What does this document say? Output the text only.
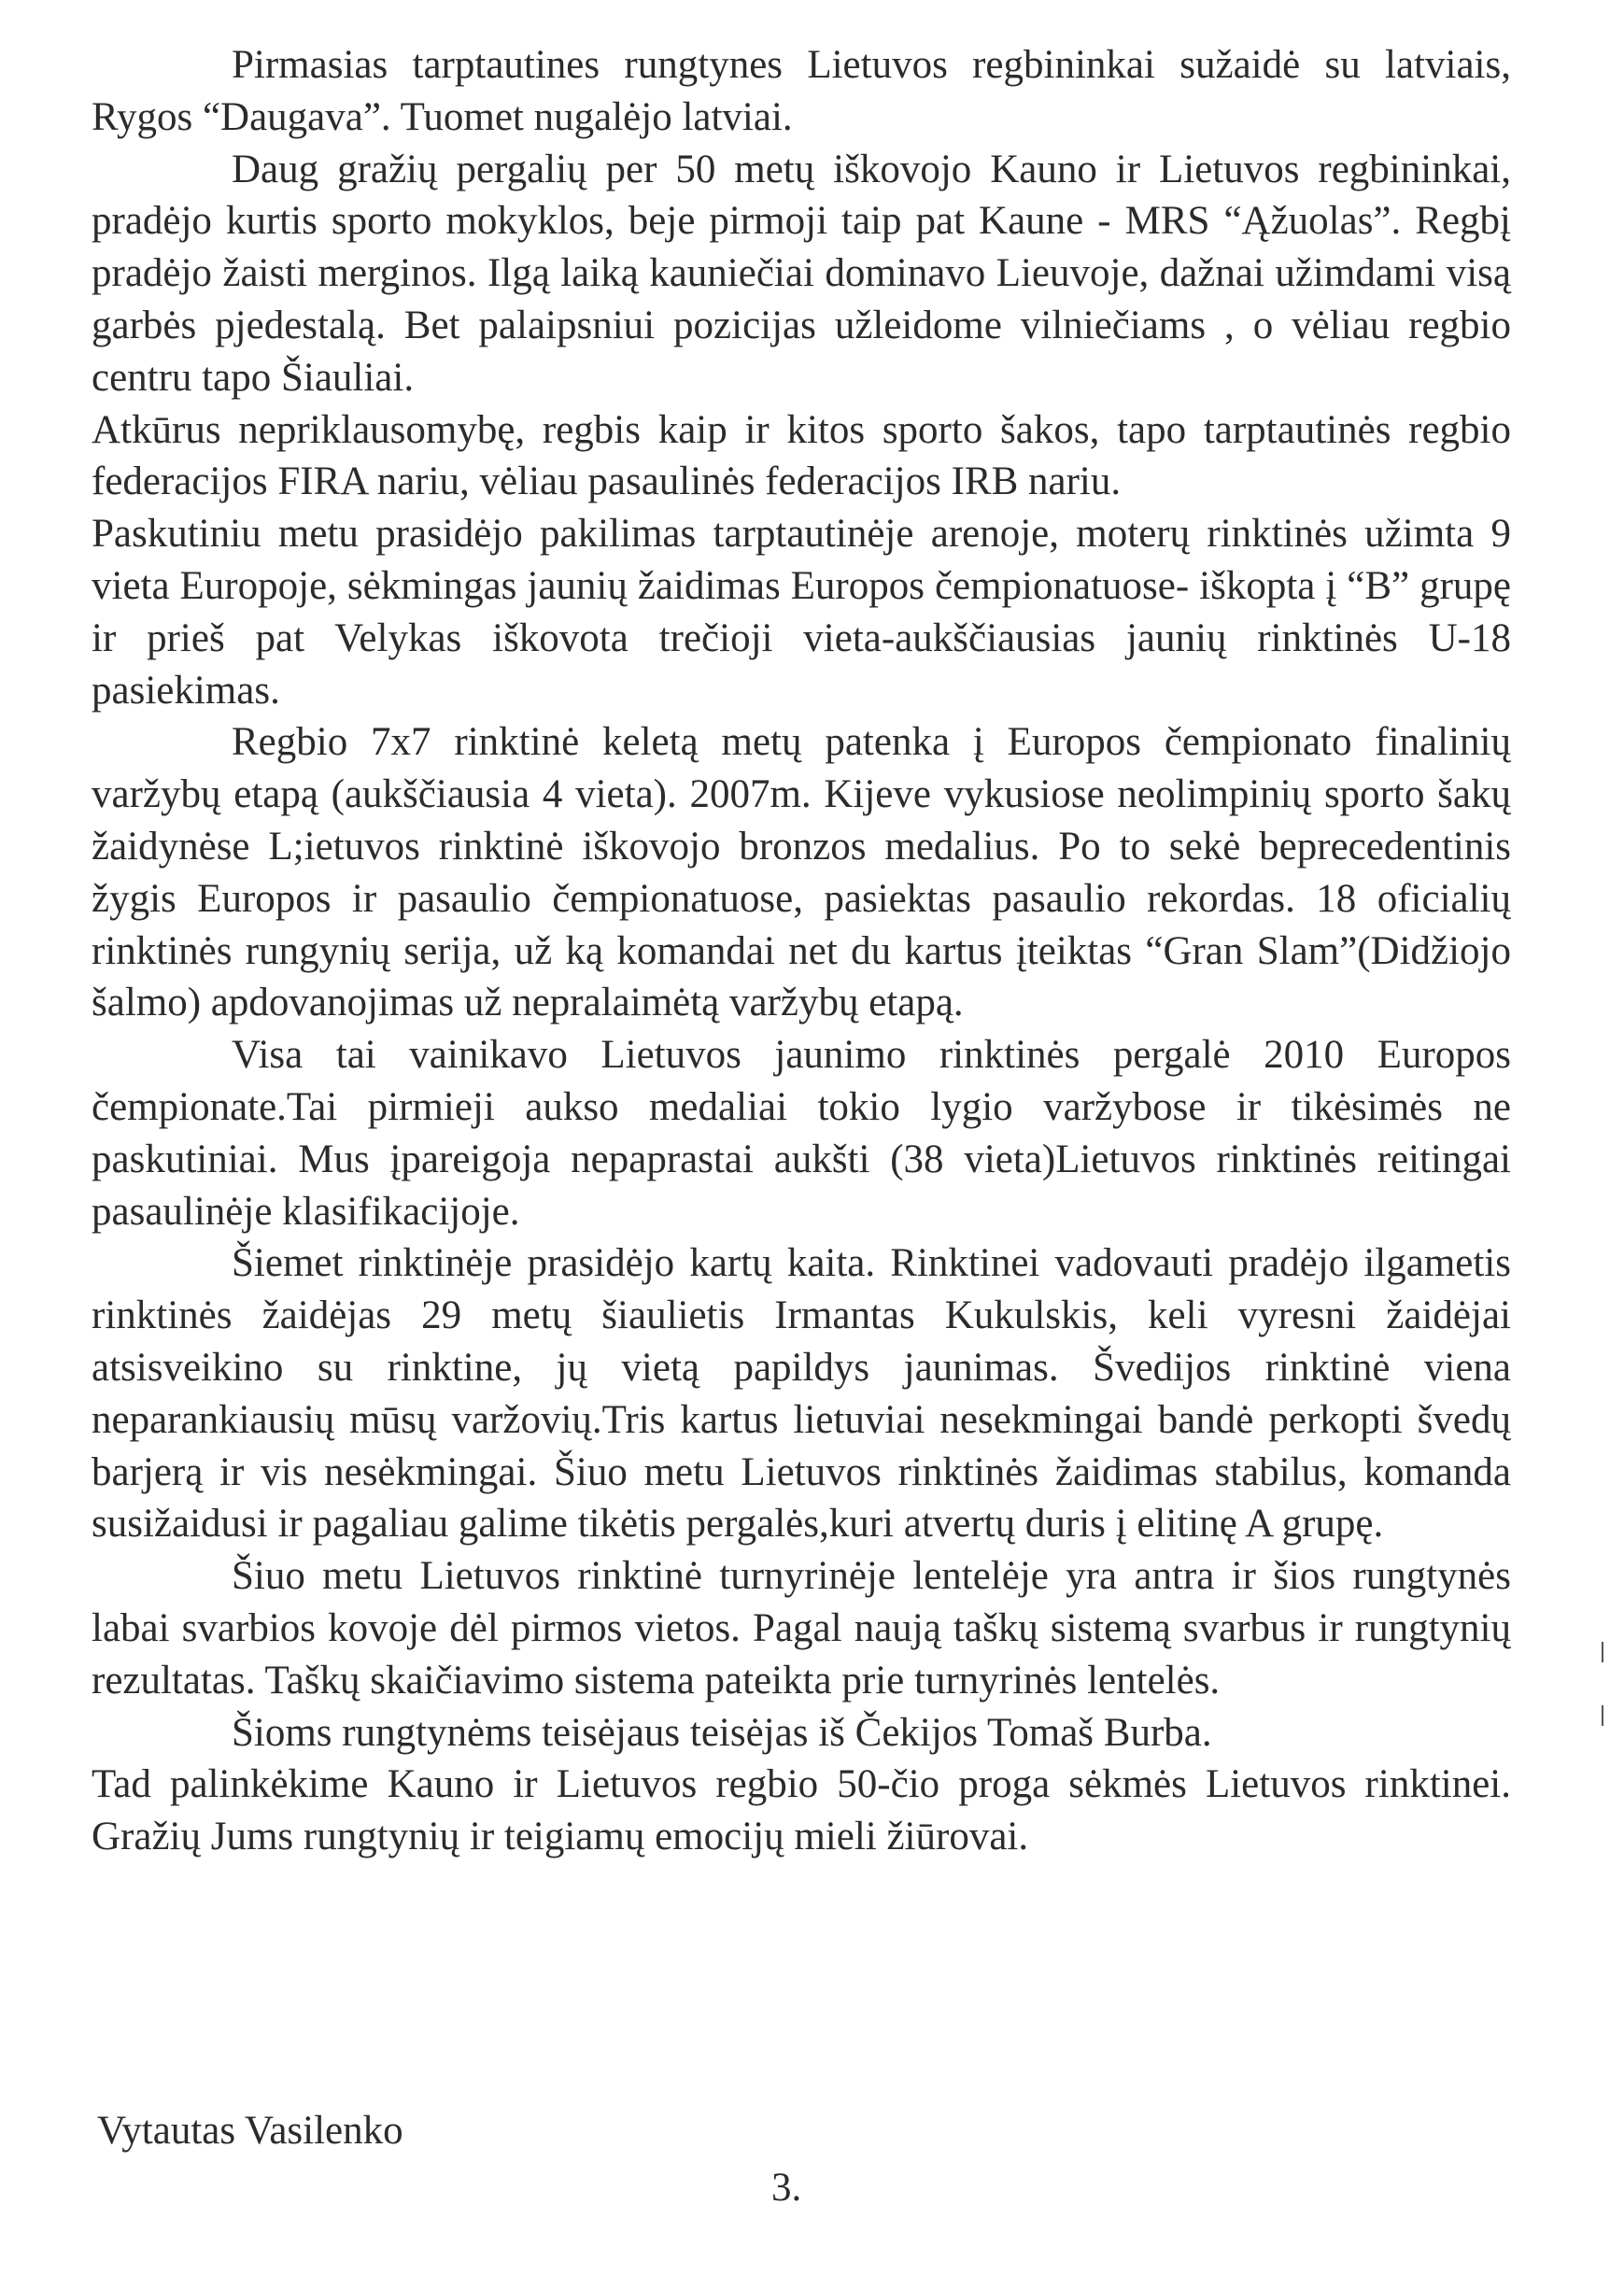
Pirmasias tarptautines rungtynes Lietuvos regbininkai sužaidė su latviais, Rygos “Daugava”. Tuomet nugalėjo latviai.

Daug gražių pergalių per 50 metų iškovojo Kauno ir Lietuvos regbininkai, pradėjo kurtis sporto mokyklos, beje pirmoji taip pat Kaune - MRS “Ąžuolas”. Regbį pradėjo žaisti merginos. Ilgą laiką kauniečiai dominavo Lieuvoje, dažnai užimdami visą garbės pjedestalą. Bet palaipsniui pozicijas užleidome vilniečiams , o vėliau regbio centru tapo Šiauliai.

Atkūrus nepriklausomybę, regbis kaip ir kitos sporto šakos, tapo tarptautinės regbio federacijos FIRA nariu, vėliau pasaulinės federacijos IRB nariu.

Paskutiniu metu prasidėjo pakilimas tarptautinėje arenoje, moterų rinktinės užimta 9 vieta Europoje, sėkmingas jaunių žaidimas Europos čempionatuose- iškopta į “B” grupę ir prieš pat Velykas iškovota trečioji vieta-aukščiausias jaunių rinktinės U-18 pasiekimas.

Regbio 7x7 rinktinė keletą metų patenka į Europos čempionato finalinių varžybų etapą (aukščiausia 4 vieta). 2007m. Kijeve vykusiose neolimpinių sporto šakų žaidynėse L;ietuvos rinktinė iškovojo bronzos medalius. Po to sekė beprecedentinis žygis Europos ir pasaulio čempionatuose, pasiektas pasaulio rekordas. 18 oficialių rinktinės rungynių serija, už ką komandai net du kartus įteiktas “Gran Slam”(Didžiojo šalmo) apdovanojimas už nepralaimėtą varžybų etapą.

Visa tai vainikavo Lietuvos jaunimo rinktinės pergalė 2010 Europos čempionate.Tai pirmieji aukso medaliai tokio lygio varžybose ir tikėsimės ne paskutiniai. Mus įpareigoja nepaprastai aukšti (38 vieta)Lietuvos rinktinės reitingai pasaulinėje klasifikacijoje.

Šiemet rinktinėje prasidėjo kartų kaita. Rinktinei vadovauti pradėjo ilgametis rinktinės žaidėjas 29 metų šiaulietis Irmantas Kukulskis, keli vyresni žaidėjai atsisveikino su rinktine, jų vietą papildys jaunimas. Švedijos rinktinė viena neparankiausių mūsų varžovių.Tris kartus lietuviai nesekmingai bandė perkopti švedų barjerą ir vis nesėkmingai. Šiuo metu Lietuvos rinktinės žaidimas stabilus, komanda susižaidusi ir pagaliau galime tikėtis pergalės,kuri atvertų duris į elitinę A grupę.

Šiuo metu Lietuvos rinktinė turnyrinėje lentelėje yra antra ir šios rungtynės labai svarbios kovoje dėl pirmos vietos. Pagal naują taškų sistemą svarbus ir rungtynių rezultatas. Taškų skaičiavimo sistema pateikta prie turnyrinės lentelės.

Šioms rungtynėms teisėjaus teisėjas iš Čekijos Tomaš Burba.

Tad palinkėkime Kauno ir Lietuvos regbio 50-čio proga sėkmės Lietuvos rinktinei. Gražių Jums rungtynių ir teigiamų emocijų mieli žiūrovai.

Vytautas Vasilenko
3.
